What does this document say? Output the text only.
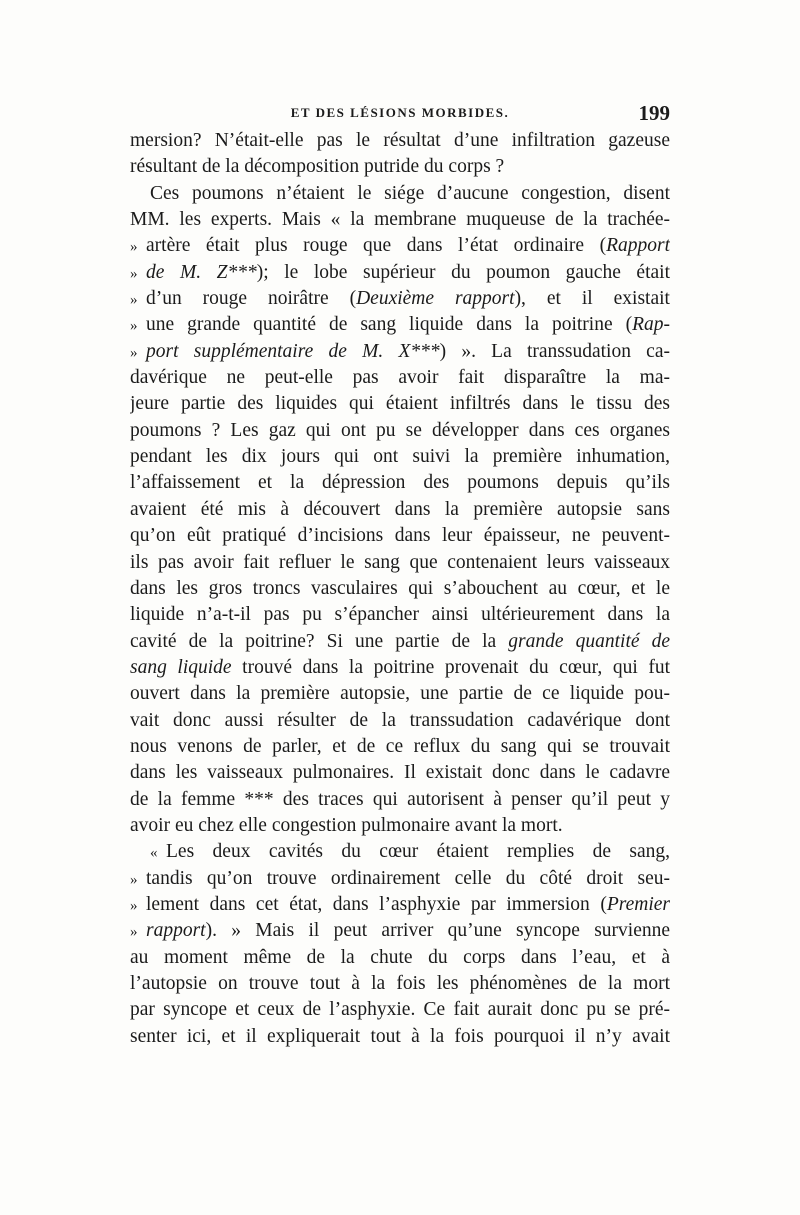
ET DES LÉSIONS MORBIDES.	199
mersion? N’était-elle pas le résultat d’une infiltration gazeuse
résultant de la décomposition putride du corps ?
Ces poumons n’étaient le siége d’aucune congestion, disent
MM. les experts. Mais « la membrane muqueuse de la trachée-
» artère était plus rouge que dans l’état ordinaire (Rapport
» de M. Z***); le lobe supérieur du poumon gauche était
» d’un rouge noirâtre (Deuxième rapport), et il existait
» une grande quantité de sang liquide dans la poitrine (Rap-
» port supplémentaire de M. X***) ». La transsudation ca-
davérique ne peut-elle pas avoir fait disparaître la ma-
jeure partie des liquides qui étaient infiltrés dans le tissu des
poumons ? Les gaz qui ont pu se développer dans ces organes
pendant les dix jours qui ont suivi la première inhumation,
l’affaissement et la dépression des poumons depuis qu’ils
avaient été mis à découvert dans la première autopsie sans
qu’on eût pratiqué d’incisions dans leur épaisseur, ne peuvent-
ils pas avoir fait refluer le sang que contenaient leurs vaisseaux
dans les gros troncs vasculaires qui s’abouchent au cœur, et le
liquide n’a-t-il pas pu s’épancher ainsi ultérieurement dans la
cavité de la poitrine? Si une partie de la grande quantité de
sang liquide trouvé dans la poitrine provenait du cœur, qui fut
ouvert dans la première autopsie, une partie de ce liquide pou-
vait donc aussi résulter de la transsudation cadavérique dont
nous venons de parler, et de ce reflux du sang qui se trouvait
dans les vaisseaux pulmonaires. Il existait donc dans le cadavre
de la femme *** des traces qui autorisent à penser qu’il peut y
avoir eu chez elle congestion pulmonaire avant la mort.
« Les deux cavités du cœur étaient remplies de sang,
» tandis qu’on trouve ordinairement celle du côté droit seu-
» lement dans cet état, dans l’asphyxie par immersion (Premier
» rapport). » Mais il peut arriver qu’une syncope survienne
au moment même de la chute du corps dans l’eau, et à
l’autopsie on trouve tout à la fois les phénomènes de la mort
par syncope et ceux de l’asphyxie. Ce fait aurait donc pu se pré-
senter ici, et il expliquerait tout à la fois pourquoi il n’y avait
